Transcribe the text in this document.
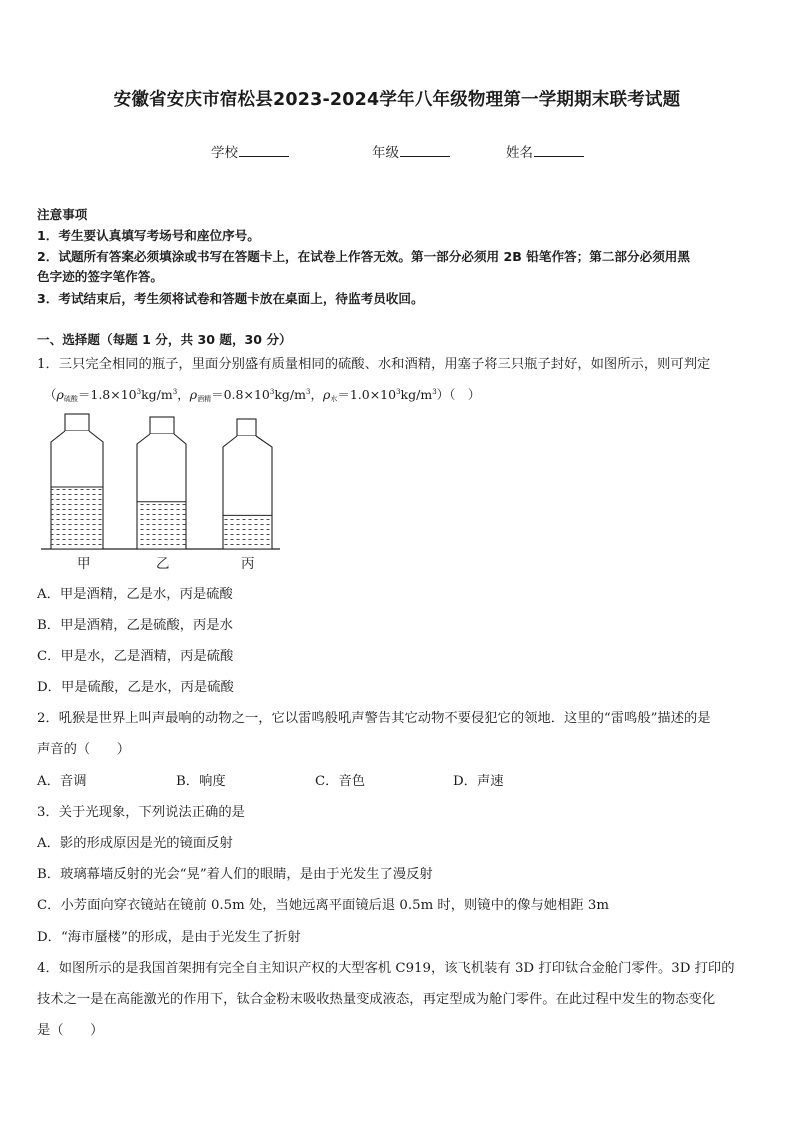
安徽省安庆市宿松县2023-2024学年八年级物理第一学期期末联考试题
学校	年级	姓名
注意事项
1．考生要认真填写考场号和座位序号。
2．试题所有答案必须填涂或书写在答题卡上，在试卷上作答无效。第一部分必须用 2B 铅笔作答；第二部分必须用黑
色字迹的签字笔作答。
3．考试结束后，考生须将试卷和答题卡放在桌面上，待监考员收回。
一、选择题（每题 1 分，共 30 题，30 分）
1．三只完全相同的瓶子，里面分别盛有质量相同的硫酸、水和酒精，用塞子将三只瓶子封好，如图所示，则可判定
（$\rho_{硫酸}=1.8\times 10^3kg/m^3$，$\rho_{酒精}=0.8\times 10^3kg/m^3$，$\rho_水=1.0\times 10^3kg/m^3$）（　）
甲	乙	丙
A．甲是酒精，乙是水，丙是硫酸
B．甲是酒精，乙是硫酸，丙是水
C．甲是水，乙是酒精，丙是硫酸
D．甲是硫酸，乙是水，丙是硫酸
2．吼猴是世界上叫声最响的动物之一，它以雷鸣般吼声警告其它动物不要侵犯它的领地．这里的“雷鸣般”描述的是
声音的（　　）
A．音调	B．响度	C．音色	D．声速
3．关于光现象，下列说法正确的是
A．影的形成原因是光的镜面反射
B．玻璃幕墙反射的光会“晃”着人们的眼睛，是由于光发生了漫反射
C．小芳面向穿衣镜站在镜前 0.5m 处，当她远离平面镜后退 0.5m 时，则镜中的像与她相距 3m
D．“海市蜃楼”的形成，是由于光发生了折射
4．如图所示的是我国首架拥有完全自主知识产权的大型客机 C919，该飞机装有 3D 打印钛合金舱门零件。3D 打印的
技术之一是在高能激光的作用下，钛合金粉末吸收热量变成液态，再定型成为舱门零件。在此过程中发生的物态变化
是（　　）
